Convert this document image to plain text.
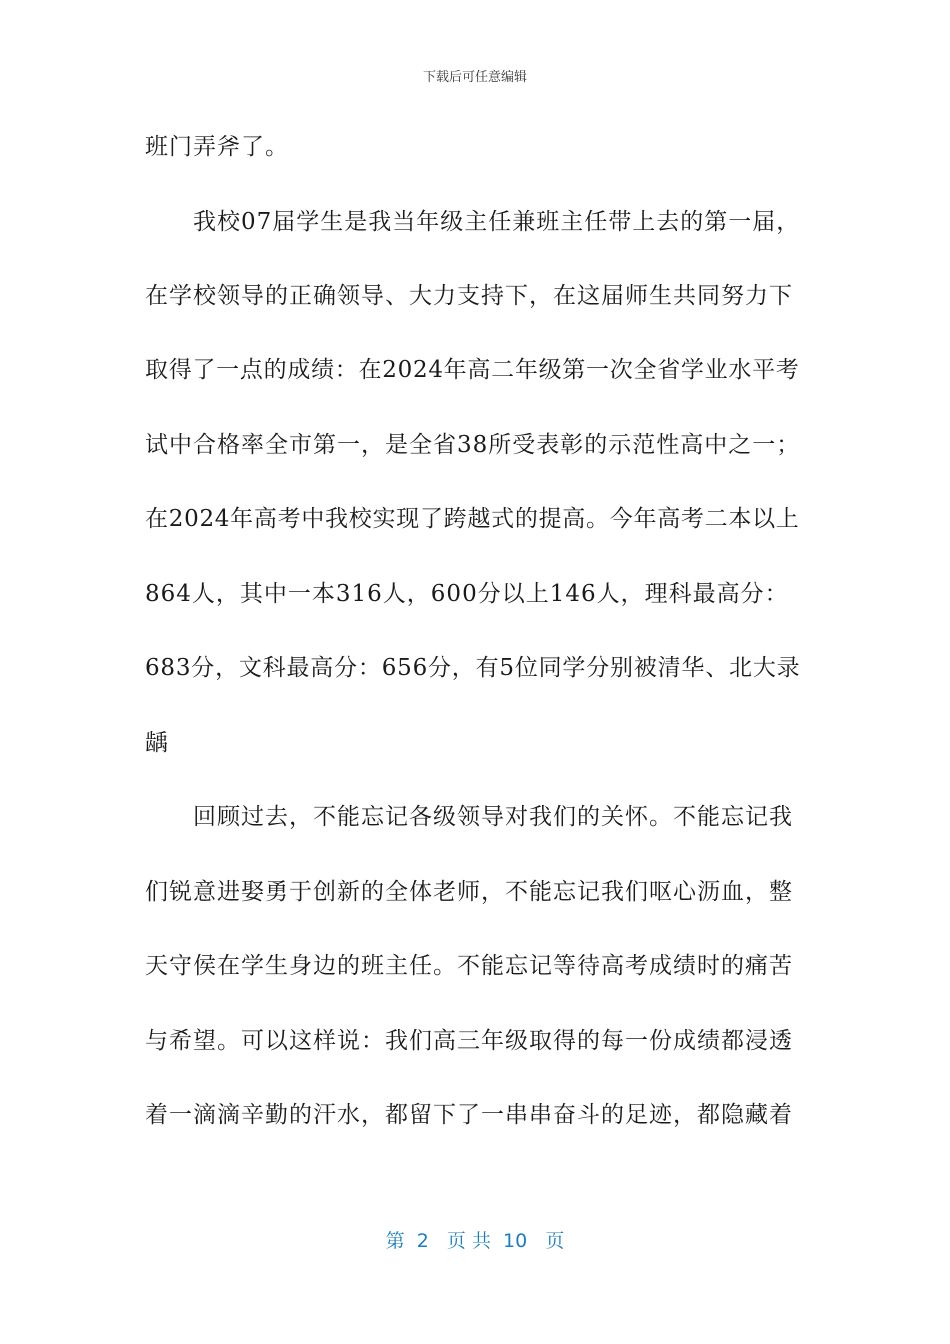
下载后可任意编辑
班门弄斧了。
我校07届学生是我当年级主任兼班主任带上去的第一届，
在学校领导的正确领导、大力支持下，在这届师生共同努力下
取得了一点的成绩：在2024年高二年级第一次全省学业水平考
试中合格率全市第一，是全省38所受表彰的示范性高中之一；
在2024年高考中我校实现了跨越式的提高。今年高考二本以上
864人，其中一本316人，600分以上146人，理科最高分：
683分，文科最高分：656分，有5位同学分别被清华、北大录
龋
回顾过去，不能忘记各级领导对我们的关怀。不能忘记我
们锐意进娶勇于创新的全体老师，不能忘记我们呕心沥血，整
天守侯在学生身边的班主任。不能忘记等待高考成绩时的痛苦
与希望。可以这样说：我们高三年级取得的每一份成绩都浸透
着一滴滴辛勤的汗水，都留下了一串串奋斗的足迹，都隐藏着
第  2   页 共  10   页
